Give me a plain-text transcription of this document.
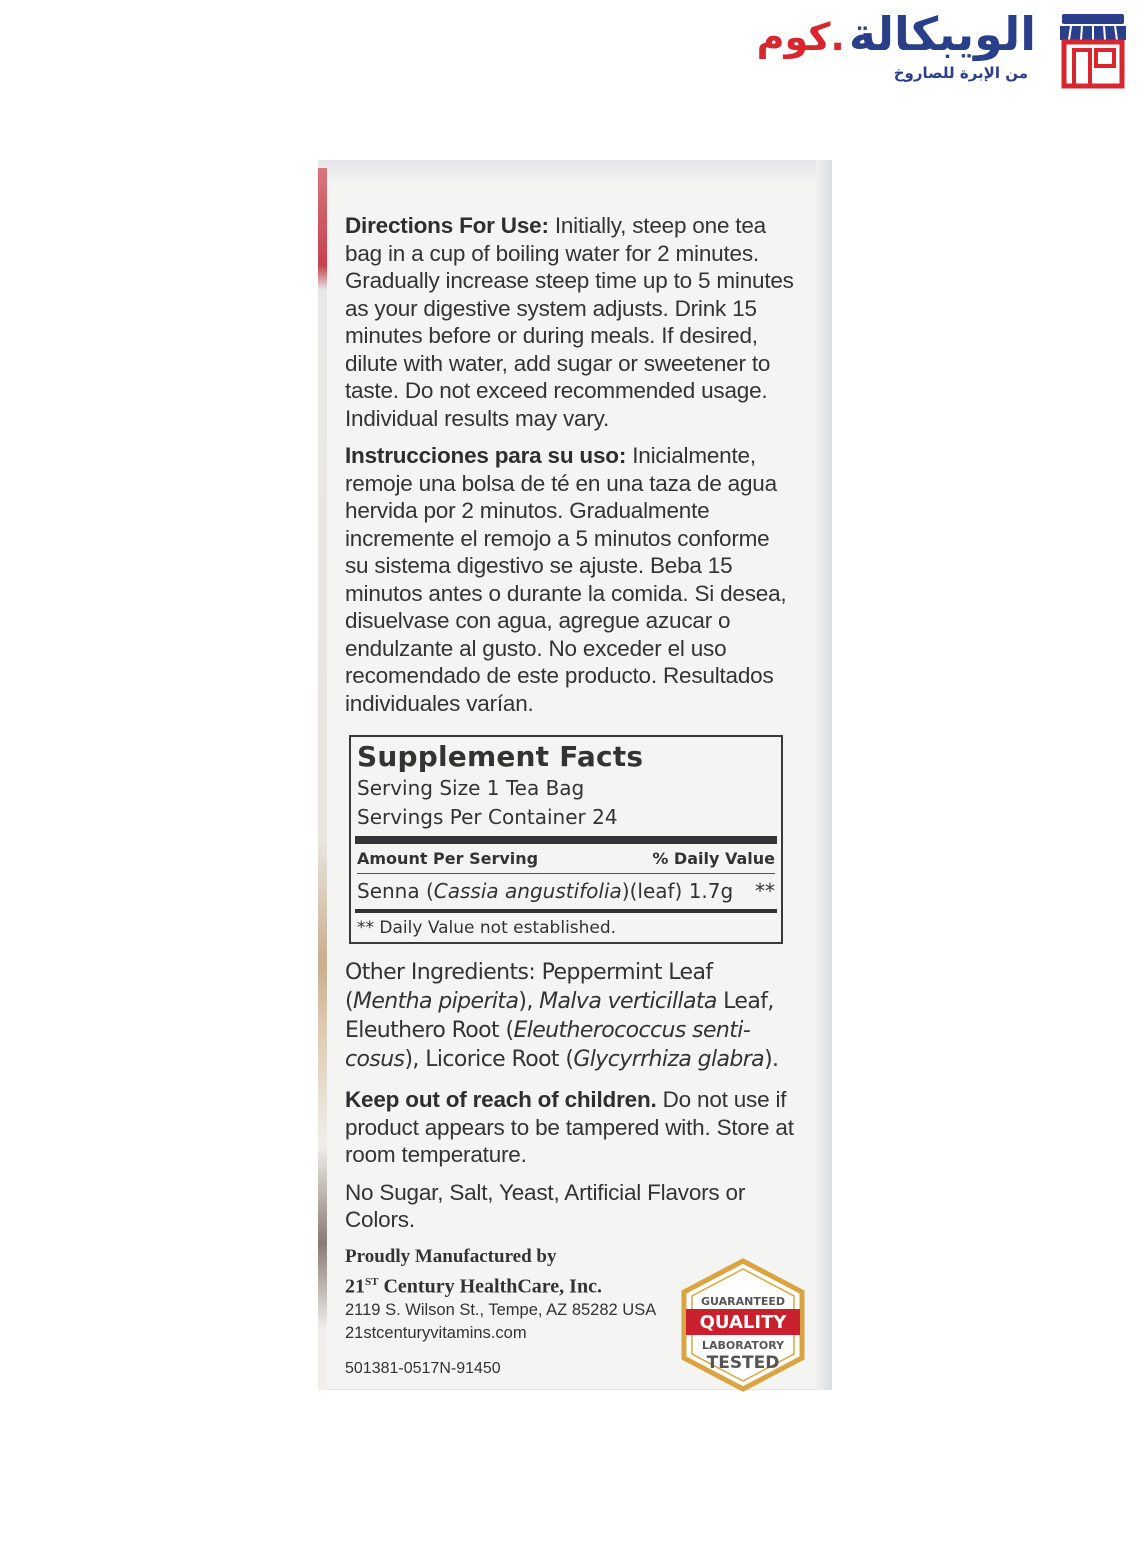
الويبكالة.كوم
من الإبرة للصاروخ

Directions For Use: Initially, steep one tea bag in a cup of boiling water for 2 minutes. Gradually increase steep time up to 5 minutes as your digestive system adjusts. Drink 15 minutes before or during meals. If desired, dilute with water, add sugar or sweetener to taste. Do not exceed recommended usage. Individual results may vary.

Instrucciones para su uso: Inicialmente, remoje una bolsa de té en una taza de agua hervida por 2 minutos. Gradualmente incremente el remojo a 5 minutos conforme su sistema digestivo se ajuste. Beba 15 minutos antes o durante la comida. Si desea, disuelvase con agua, agregue azucar o endulzante al gusto. No exceder el uso recomendado de este producto. Resultados individuales varían.

Supplement Facts
Serving Size 1 Tea Bag
Servings Per Container 24
Amount Per Serving	% Daily Value
Senna (Cassia angustifolia)(leaf) 1.7g **
** Daily Value not established.

Other Ingredients: Peppermint Leaf (Mentha piperita), Malva verticillata Leaf, Eleuthero Root (Eleutherococcus senti-cosus), Licorice Root (Glycyrrhiza glabra).

Keep out of reach of children. Do not use if product appears to be tampered with. Store at room temperature.

No Sugar, Salt, Yeast, Artificial Flavors or Colors.

Proudly Manufactured by
21ST Century HealthCare, Inc.
2119 S. Wilson St., Tempe, AZ 85282 USA
21stcenturyvitamins.com
501381-0517N-91450
GUARANTEED
QUALITY
LABORATORY
TESTED
